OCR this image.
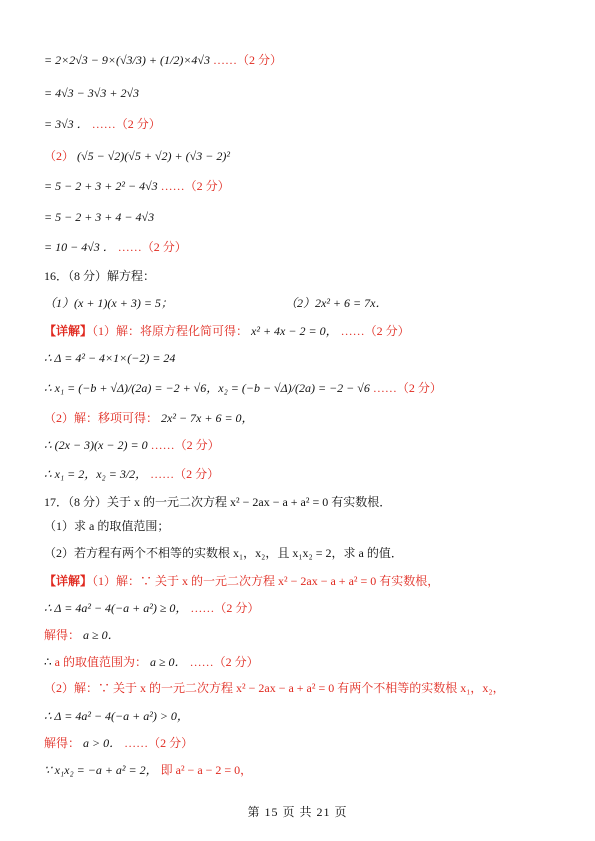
= 2×2√3 − 9×(√3/3) + (1/2)×4√3 ……（2 分）
= 4√3 − 3√3 + 2√3
= 3√3 ． ……（2 分）
（2） (√5 − √2)(√5 + √2) + (√3 − 2)²
= 5 − 2 + 3 + 2² − 4√3 ……（2 分）
= 5 − 2 + 3 + 4 − 4√3
= 10 − 4√3 ． ……（2 分）
16．（8 分）解方程：
（1）(x + 1)(x + 3) = 5；	（2）2x² + 6 = 7x．
【详解】（1）解：将原方程化简可得： x² + 4x − 2 = 0， ……（2 分）
∴ Δ = 4² − 4×1×(−2) = 24
∴ x₁ = (−b + √Δ)/(2a) = −2 + √6，x₂ = (−b − √Δ)/(2a) = −2 − √6 ……（2 分）
（2）解：移项可得： 2x² − 7x + 6 = 0，
∴ (2x − 3)(x − 2) = 0 ……（2 分）
∴ x₁ = 2，x₂ = 3/2， ……（2 分）
17．（8 分）关于 x 的一元二次方程 x² − 2ax − a + a² = 0 有实数根．
（1）求 a 的取值范围；
（2）若方程有两个不相等的实数根 x₁，x₂，且 x₁x₂ = 2，求 a 的值．
【详解】（1）解：∵ 关于 x 的一元二次方程 x² − 2ax − a + a² = 0 有实数根，
∴ Δ = 4a² − 4(−a + a²) ≥ 0， ……（2 分）
解得： a ≥ 0．
∴ a 的取值范围为： a ≥ 0． ……（2 分）
（2）解：∵ 关于 x 的一元二次方程 x² − 2ax − a + a² = 0 有两个不相等的实数根 x₁，x₂，
∴ Δ = 4a² − 4(−a + a²) > 0，
解得： a > 0． ……（2 分）
∵ x₁x₂ = −a + a² = 2， 即 a² − a − 2 = 0，
第 15 页 共 21 页
